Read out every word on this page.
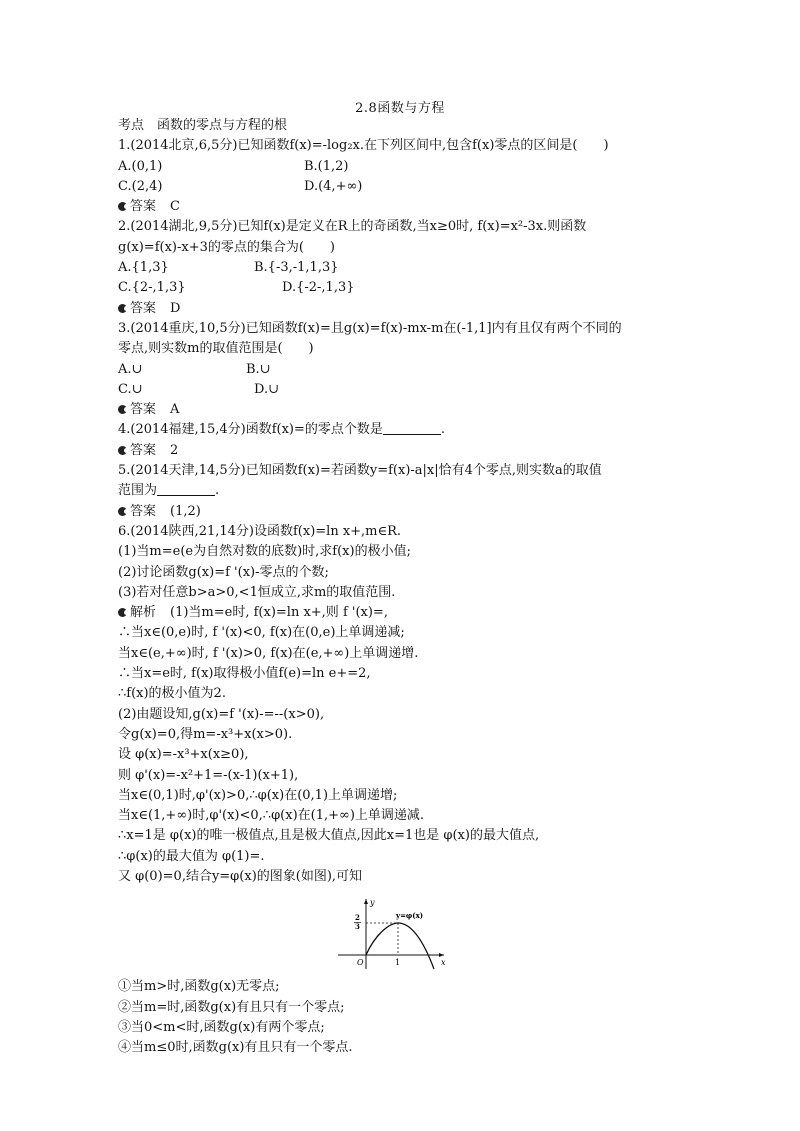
2.8函数与方程
考点　函数的零点与方程的根
1.(2014北京,6,5分)已知函数f(x)=-log₂x.在下列区间中,包含f(x)零点的区间是(　　)
A.(0,1)	B.(1,2)
C.(2,4)	D.(4,+∞)
答案 C
2.(2014湖北,9,5分)已知f(x)是定义在R上的奇函数,当x≥0时, f(x)=x²-3x.则函数
g(x)=f(x)-x+3的零点的集合为(　　)
A.{1,3}	B.{-3,-1,1,3}
C.{2-,1,3}	D.{-2-,1,3}
答案 D
3.(2014重庆,10,5分)已知函数f(x)=且g(x)=f(x)-mx-m在(-1,1]内有且仅有两个不同的
零点,则实数m的取值范围是(　　)
A.∪	B.∪
C.∪	D.∪
答案 A
4.(2014福建,15,4分)函数f(x)=的零点个数是	.
答案 2
5.(2014天津,14,5分)已知函数f(x)=若函数y=f(x)-a|x|恰有4个零点,则实数a的取值
范围为	.
答案 (1,2)
6.(2014陕西,21,14分)设函数f(x)=ln x+,m∈R.
(1)当m=e(e为自然对数的底数)时,求f(x)的极小值;
(2)讨论函数g(x)=f '(x)-零点的个数;
(3)若对任意b>a>0,<1恒成立,求m的取值范围.
解析 (1)当m=e时, f(x)=ln x+,则 f '(x)=,
∴当x∈(0,e)时, f '(x)<0, f(x)在(0,e)上单调递减;
当x∈(e,+∞)时, f '(x)>0, f(x)在(e,+∞)上单调递增.
∴当x=e时, f(x)取得极小值f(e)=ln e+=2,
∴f(x)的极小值为2.
(2)由题设知,g(x)=f '(x)-=--(x>0),
令g(x)=0,得m=-x³+x(x>0).
设 φ(x)=-x³+x(x≥0),
则 φ'(x)=-x²+1=-(x-1)(x+1),
当x∈(0,1)时,φ'(x)>0,∴φ(x)在(0,1)上单调递增;
当x∈(1,+∞)时,φ'(x)<0,∴φ(x)在(1,+∞)上单调递减.
∴x=1是 φ(x)的唯一极值点,且是极大值点,因此x=1也是 φ(x)的最大值点,
∴φ(x)的最大值为 φ(1)=.
又 φ(0)=0,结合y=φ(x)的图象(如图),可知
y
x
O	1
2
3
y=φ(x)
①当m>时,函数g(x)无零点;
②当m=时,函数g(x)有且只有一个零点;
③当0<m<时,函数g(x)有两个零点;
④当m≤0时,函数g(x)有且只有一个零点.
